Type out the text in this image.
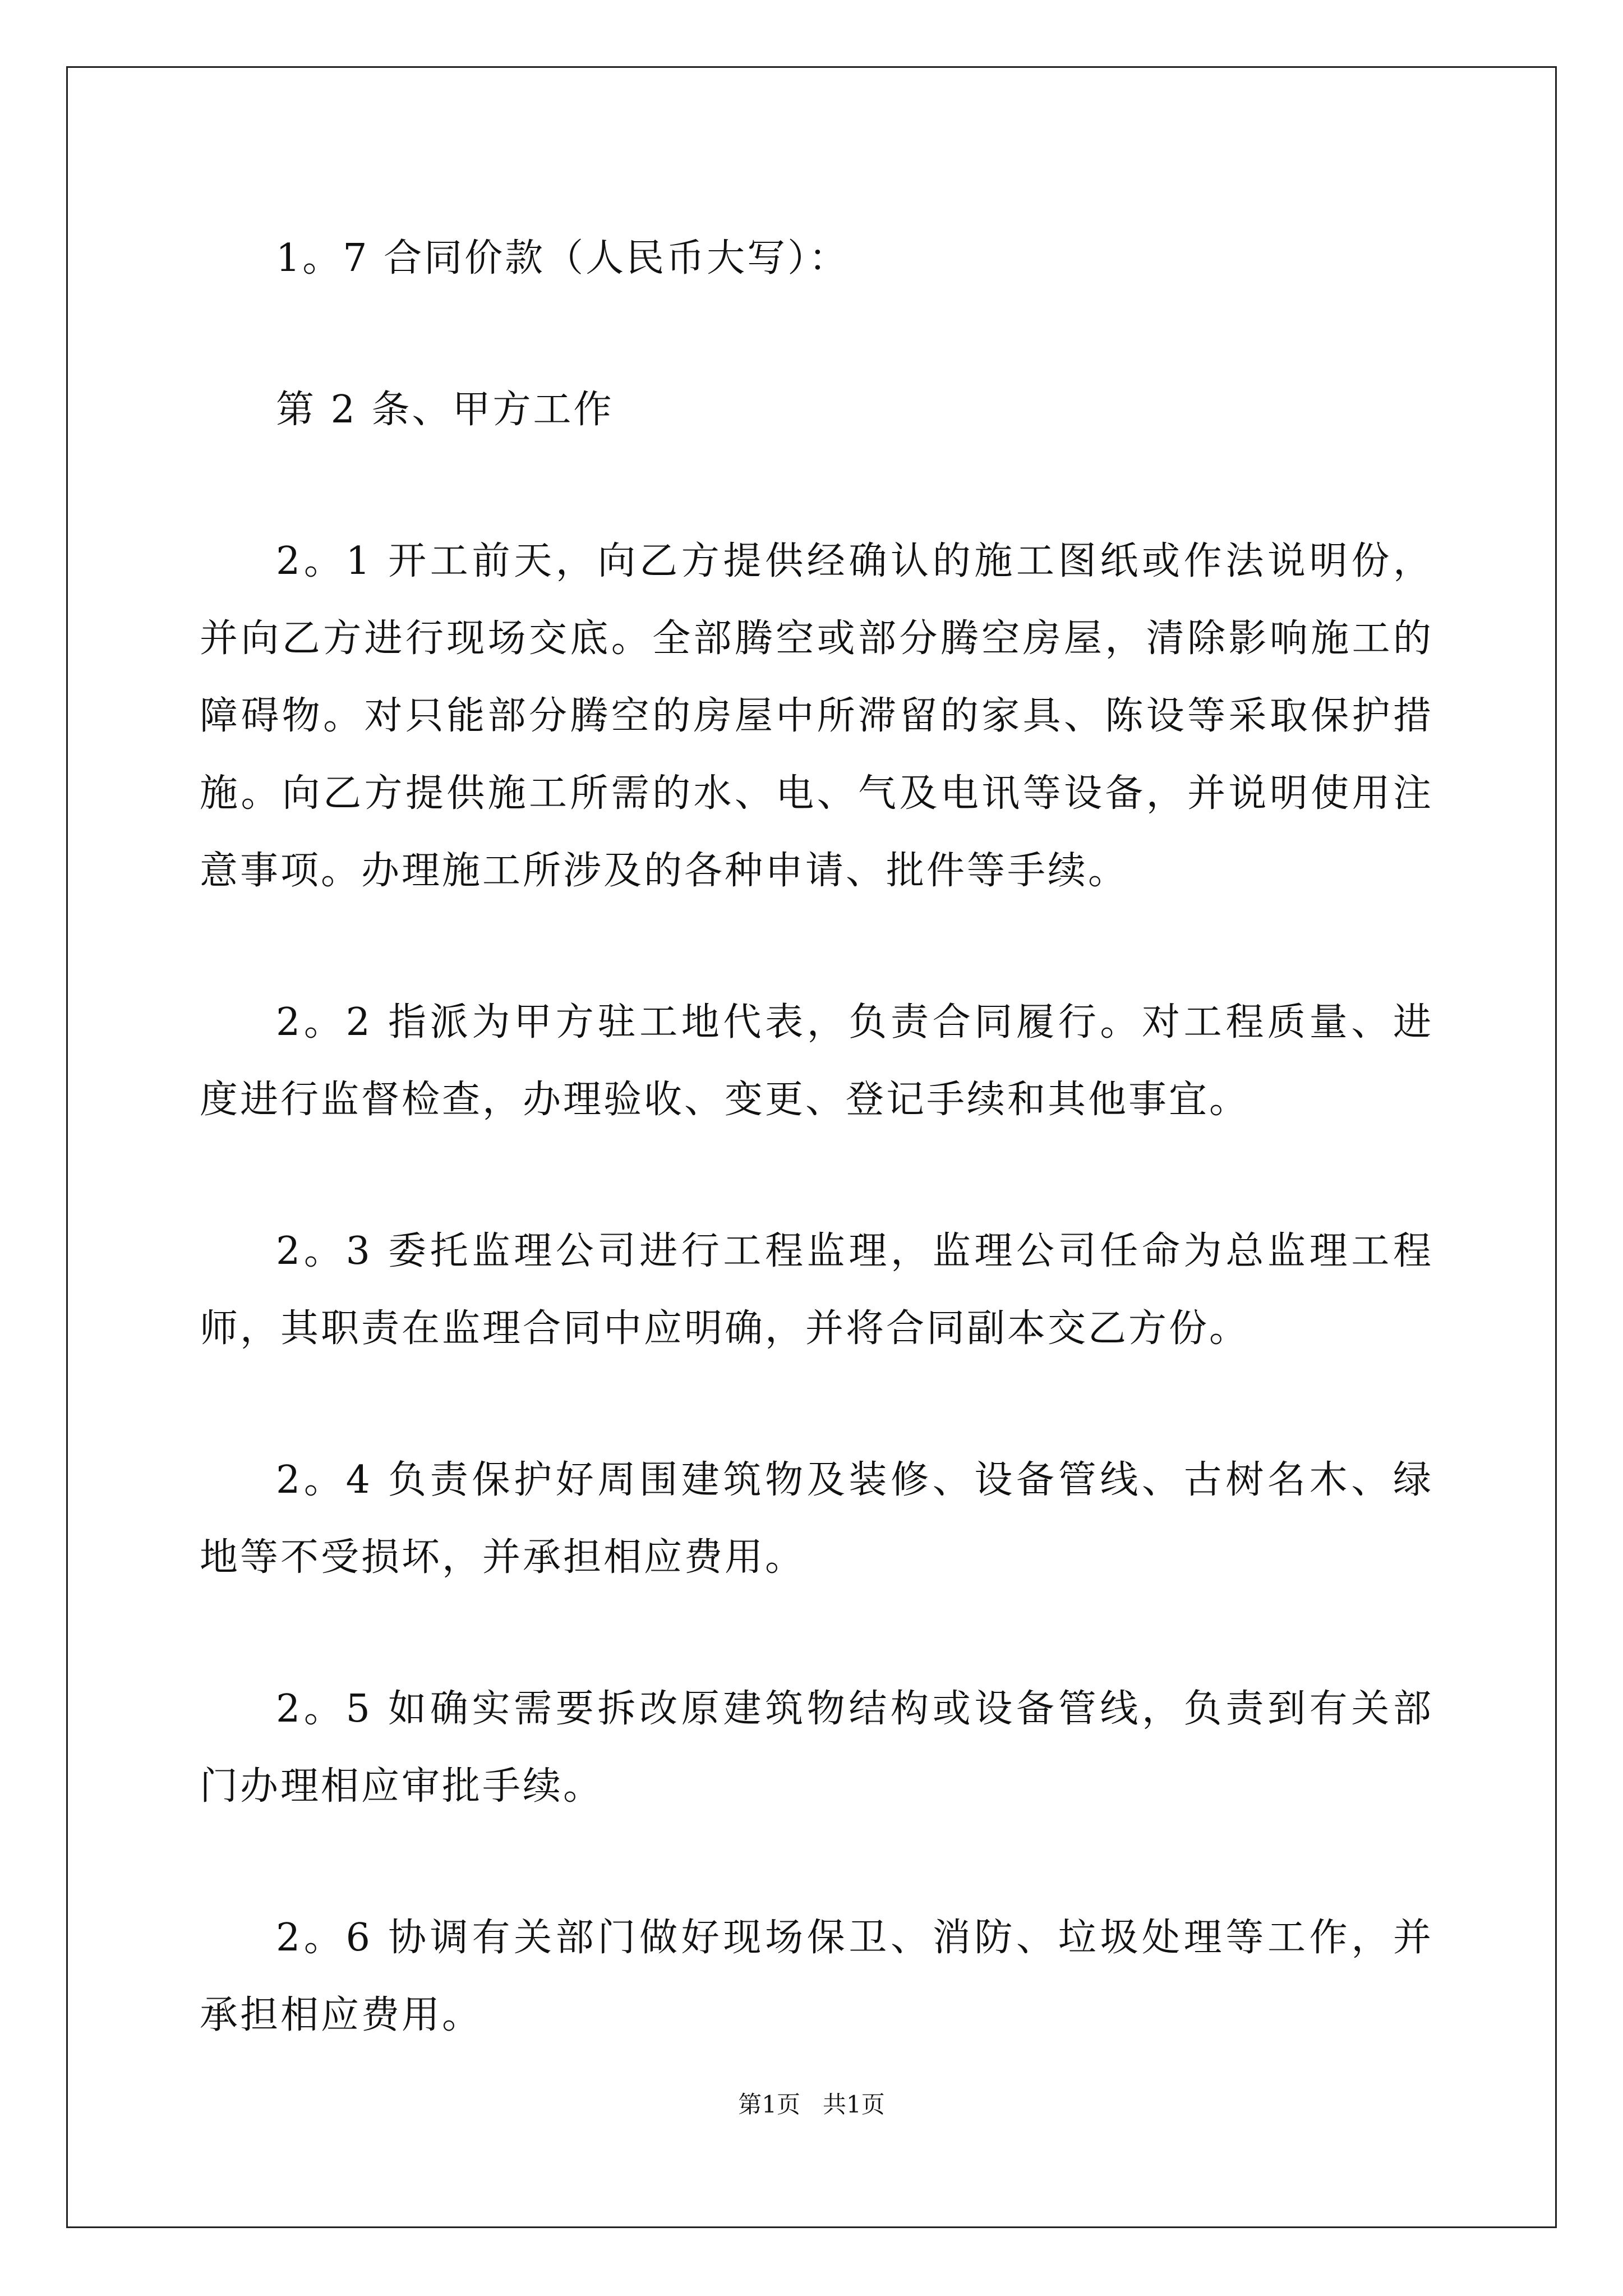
1。7 合同价款（人民币大写）：

第 2 条、甲方工作

2。1 开工前天，向乙方提供经确认的施工图纸或作法说明份，并向乙方进行现场交底。全部腾空或部分腾空房屋，清除影响施工的障碍物。对只能部分腾空的房屋中所滞留的家具、陈设等采取保护措施。向乙方提供施工所需的水、电、气及电讯等设备，并说明使用注意事项。办理施工所涉及的各种申请、批件等手续。

2。2 指派为甲方驻工地代表，负责合同履行。对工程质量、进度进行监督检查，办理验收、变更、登记手续和其他事宜。

2。3 委托监理公司进行工程监理，监理公司任命为总监理工程师，其职责在监理合同中应明确，并将合同副本交乙方份。

2。4 负责保护好周围建筑物及装修、设备管线、古树名木、绿地等不受损坏，并承担相应费用。

2。5 如确实需要拆改原建筑物结构或设备管线，负责到有关部门办理相应审批手续。

2。6 协调有关部门做好现场保卫、消防、垃圾处理等工作，并承担相应费用。

第1页   共1页
